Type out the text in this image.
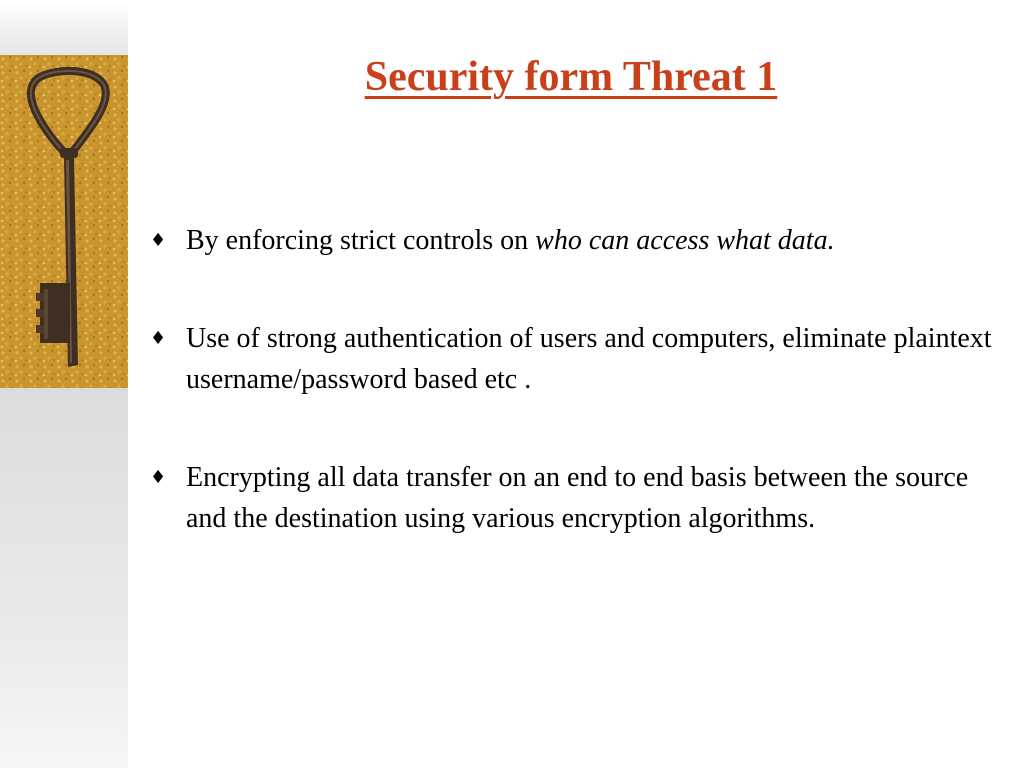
Security form Threat 1
♦ By enforcing strict controls on who can access what data.
♦ Use of strong authentication of users and computers, eliminate plaintext username/password based etc .
♦ Encrypting all data transfer on an end to end basis between the source and the destination using various encryption algorithms.
